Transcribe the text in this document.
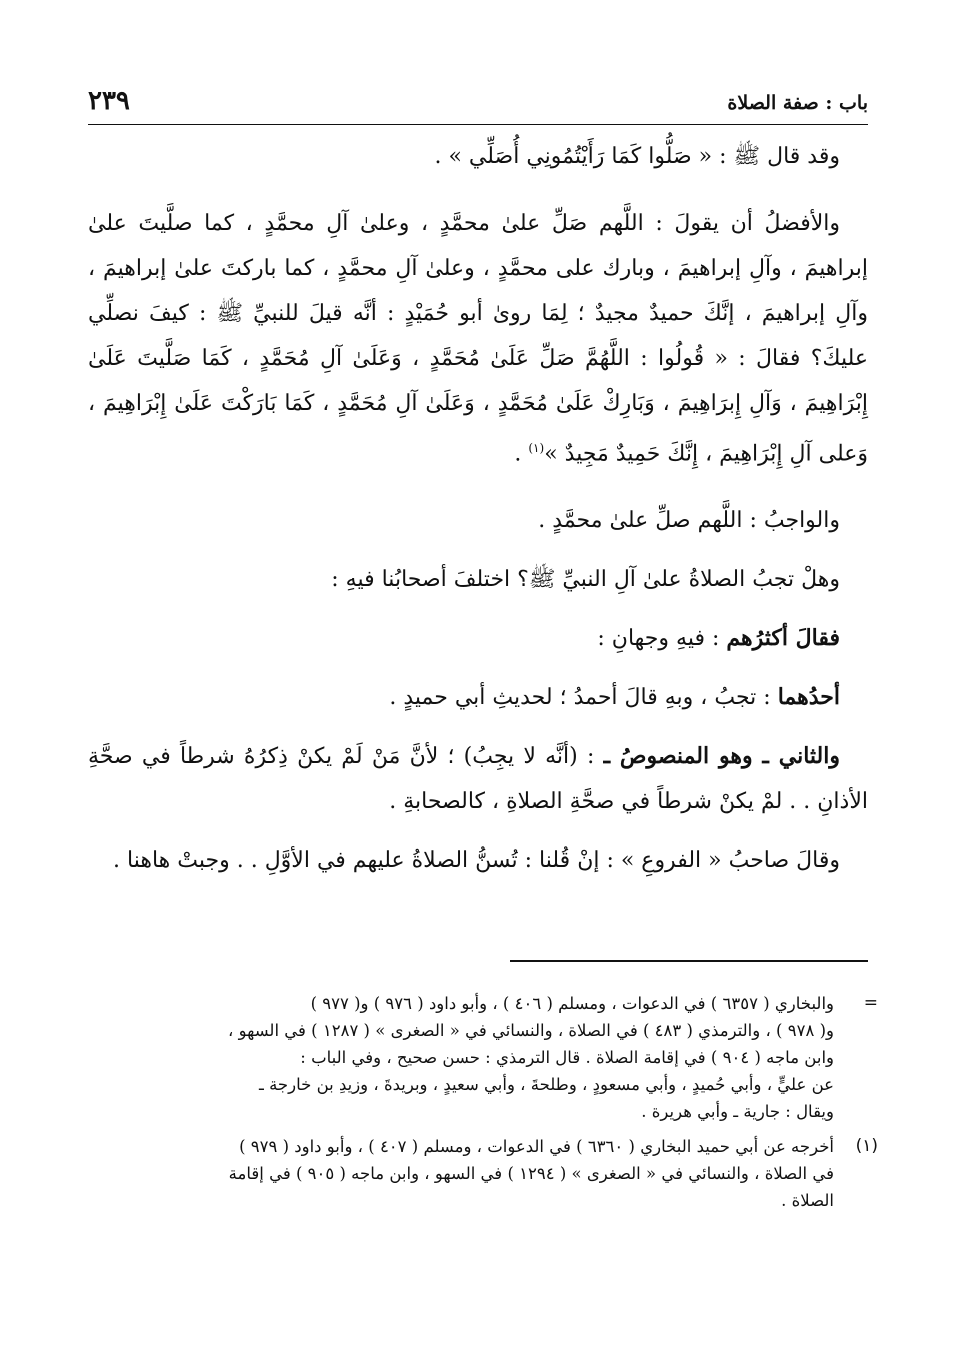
باب : صفة الصلاة
٢٣٩

وقد قال ﷺ : « صَلُّوا كَمَا رَأَيْتُمُونِي أُصَلِّي » .

والأفضلُ أن يقولَ : اللَّهم صَلِّ علىٰ محمَّدٍ ، وعلىٰ آلِ محمَّدٍ ، كما صلَّيتَ علىٰ إبراهيمَ ، وآلِ إبراهيمَ ، وبارك على محمَّدٍ ، وعلىٰ آلِ محمَّدٍ ، كما باركتَ علىٰ إبراهيمَ ، وآلِ إبراهيمَ ، إنَّكَ حميدٌ مجيدٌ ؛ لِمَا روىٰ أبو حُمَيْدٍ : أنَّه قيلَ للنبيِّ ﷺ : كيفَ نصلِّي عليكَ؟ فقالَ : « قُولُوا : اللَّهُمَّ صَلِّ عَلَىٰ مُحَمَّدٍ ، وَعَلَىٰ آلِ مُحَمَّدٍ ، كَمَا صَلَّيتَ عَلَىٰ إِبْرَاهِيمَ ، وَآلِ إِبرَاهِيمَ ، وَبَارِكْ عَلَىٰ مُحَمَّدٍ ، وَعَلَىٰ آلِ مُحَمَّدٍ ، كَمَا بَارَكْتَ عَلَىٰ إِبْرَاهِيمَ ، وَعلى آلِ إِبْرَاهِيمَ ، إِنَّكَ حَمِيدٌ مَجِيدٌ »$^{(١)}$ .

والواجبُ : اللَّهم صلِّ علىٰ محمَّدٍ .

وهلْ تجبُ الصلاةُ علىٰ آلِ النبيِّ ﷺ؟ اختلفَ أصحابُنا فيهِ :

فقالَ أكثرُهم : فيهِ وجهانِ :

أحدُهما : تجبُ ، وبهِ قالَ أحمدُ ؛ لحديثِ أبي حميدٍ .

والثاني ـ وهو المنصوصُ ـ : (أنَّه لا يجِبُ) ؛ لأنَّ مَنْ لَمْ يكنْ ذِكرُهُ شرطاً في صحَّةِ الأذانِ . . لمْ يكنْ شرطاً في صحَّةِ الصلاةِ ، كالصحابةِ .

وقالَ صاحبُ « الفروعِ » : إنْ قُلنا : تُسنُّ الصلاةُ عليهم في الأوَّلِ . . وجبتْ هاهنا .

=
والبخاري ( ٦٣٥٧ ) في الدعوات ، ومسلم ( ٤٠٦ ) ، وأبو داود ( ٩٧٦ ) و( ٩٧٧ )
و( ٩٧٨ ) ، والترمذي ( ٤٨٣ ) في الصلاة ، والنسائي في « الصغرى » ( ١٢٨٧ ) في السهو ،
وابن ماجه ( ٩٠٤ ) في إقامة الصلاة . قال الترمذي : حسن صحيح ، وفي الباب :
عن عليٍّ ، وأبي حُميدٍ ، وأبي مسعودٍ ، وطلحةَ ، وأبي سعيدٍ ، وبريدةَ ، وزيدِ بن خارجة ـ
ويقال : جارية ـ وأبي هريرة .
(١)
أخرجه عن أبي حميد البخاري ( ٦٣٦٠ ) في الدعوات ، ومسلم ( ٤٠٧ ) ، وأبو داود ( ٩٧٩ )
في الصلاة ، والنسائي في « الصغرى » ( ١٢٩٤ ) في السهو ، وابن ماجه ( ٩٠٥ ) في إقامة
الصلاة .
